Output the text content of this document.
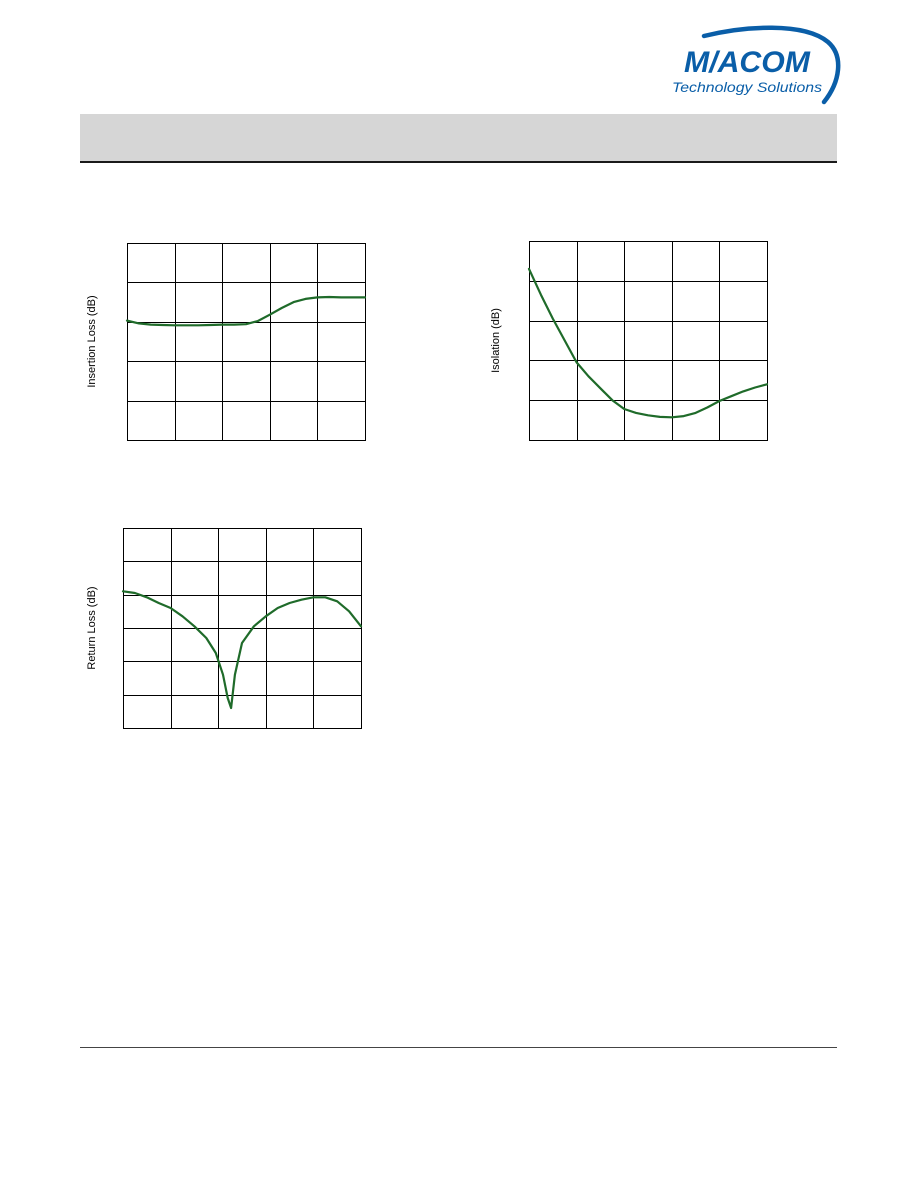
M/ACOM
Technology Solutions
Insertion Loss (dB)	Isolation (dB)
Return Loss (dB)
